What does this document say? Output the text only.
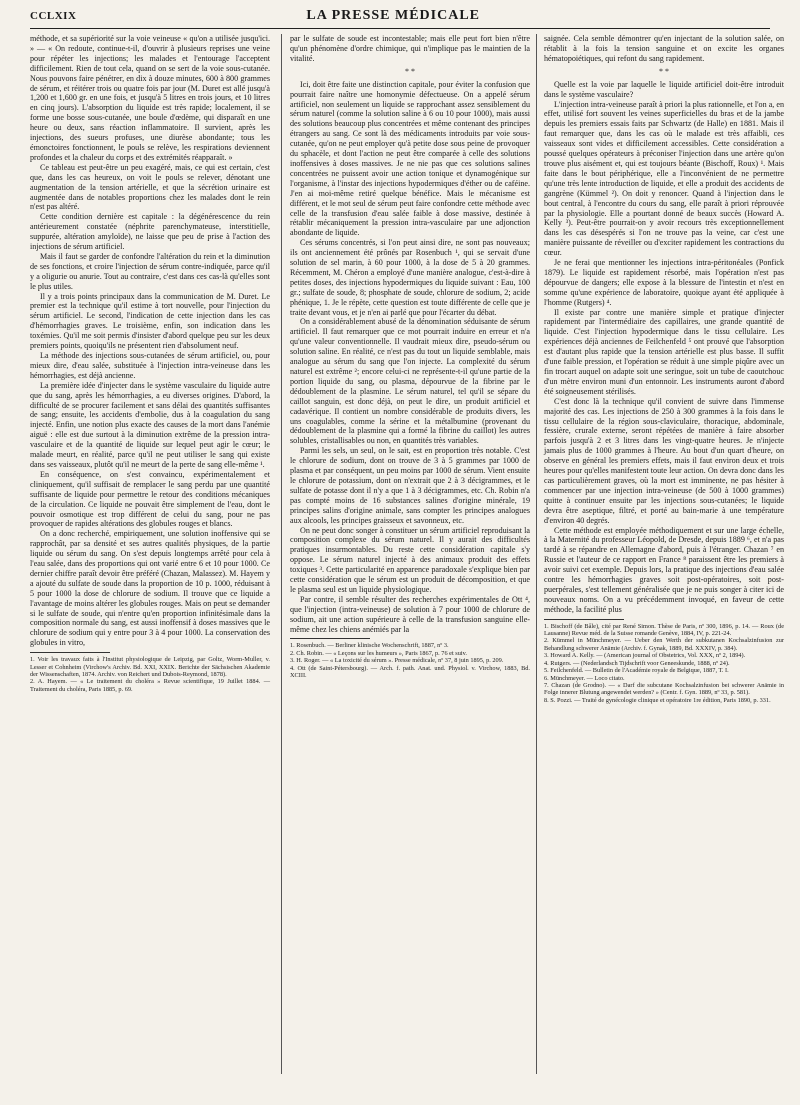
CCLXIX	LA PRESSE MÉDICALE

méthode, et sa supériorité sur la voie veineuse « qu'on a utilisée jusqu'ici. » — « On redoute, continue-t-il, d'ouvrir à plusieurs reprises une veine pour répéter les injections; les malades et l'entourage l'acceptent difficilement. Rien de tout cela, quand on se sert de la voie sous-cutanée. Nous pouvons faire pénétrer, en dix à douze minutes, 600 à 800 grammes de sérum, et réitérer trois ou quatre fois par jour (M. Duret est allé jusqu'à 1,200 et 1,600 gr. en une fois, et jusqu'à 5 litres en trois jours, et 10 litres en cinq jours). L'absorption du liquide est très rapide; localement, il se forme une bosse sous-cutanée, une boule d'œdème, qui disparaît en une heure ou deux, sans réaction inflammatoire. Il survient, après les injections, des sueurs profuses, une diurèse abondante; tous les émonctoires fonctionnent, le pouls se relève, les respirations deviennent profondes et la chaleur du corps et des extrémités réapparaît. »

Ce tableau est peut-être un peu exagéré, mais, ce qui est certain, c'est que, dans les cas heureux, on voit le pouls se relever, dénotant une augmentation de la tension artérielle, et que la sécrétion urinaire est augmentée dans de notables proportions chez les malades dont le rein n'est pas altéré.

Cette condition dernière est capitale : la dégénérescence du rein antérieurement constatée (néphrite parenchymateuse, interstitielle, suppurée, altération amyloïde), ne laisse que peu de prise à l'action des injections de sérum artificiel.

Mais il faut se garder de confondre l'altération du rein et la diminution de ses fonctions, et croire l'injection de sérum contre-indiquée, parce qu'il y a oligurie ou anurie. Tout au contraire, c'est dans ces cas-là qu'elles sont le plus utiles.

Il y a trois points principaux dans la communication de M. Duret. Le premier est la technique qu'il estime à tort nouvelle, pour l'injection du sérum artificiel. Le second, l'indication de cette injection dans les cas d'hémorrhagies graves. Le troisième, enfin, son indication dans les toxémies. Qu'il me soit permis d'insister d'abord quelque peu sur les deux premiers points, quoiqu'ils ne présentent rien d'absolument neuf.

La méthode des injections sous-cutanées de sérum artificiel, ou, pour mieux dire, d'eau salée, substituée à l'injection intra-veineuse dans les hémorrhagies, est déjà ancienne.

La première idée d'injecter dans le système vasculaire du liquide autre que du sang, après les hémorrhagies, a eu diverses origines. D'abord, la difficulté de se procurer facilement et sans délai des quantités suffisantes de sang; ensuite, les accidents d'embolie, dus à la coagulation du sang injecté. Enfin, une notion plus exacte des causes de la mort dans l'anémie aiguë : elle est due surtout à la diminution extrême de la pression intra-vasculaire et de la quantité de liquide sur lequel peut agir le cœur; le malade meurt, en réalité, parce qu'il ne peut utiliser le sang qui existe dans ses vaisseaux, plutôt qu'il ne meurt de la perte de sang elle-même ¹.

En conséquence, on s'est convaincu, expérimentalement et cliniquement, qu'il suffisait de remplacer le sang perdu par une quantité suffisante de liquide pour permettre le retour des conditions mécaniques de la circulation. Ce liquide ne pouvait être simplement de l'eau, dont le pouvoir osmotique est trop différent de celui du sang, pour ne pas provoquer de rapides altérations des globules rouges et blancs.

On a donc recherché, empiriquement, une solution inoffensive qui se rapprochât, par sa densité et ses autres qualités physiques, de la partie liquide ou sérum du sang. On s'est depuis longtemps arrêté pour cela à l'eau salée, dans des proportions qui ont varié entre 6 et 10 pour 1000. Ce dernier chiffre paraît devoir être préféré (Chazan, Malassez). M. Hayem y a ajouté du sulfate de soude dans la proportion de 10 p. 1000, réduisant à 5 pour 1000 la dose de chlorure de sodium. Il trouve que ce liquide a l'avantage de moins altérer les globules rouges. Mais on peut se demander si le sulfate de soude, qui n'entre qu'en proportion infinitésimale dans la composition normale du sang, est aussi inoffensif à doses massives que le chlorure de sodium qui y entre pour 3 à 4 pour 1000. La conservation des globules in vitro,

1. Voir les travaux faits à l'Institut physiologique de Leipzig, par Goltz, Worm-Muller, v. Lesser et Cohnheim (Virchow's Archiv. Bd. XXI, XXIX. Berichte der Sächsischen Akademie der Wissenschaften, 1874. Archiv. von Reichert und Dubois-Reymond, 1878).

2. A. Hayem. — « Le traitement du choléra » Revue scientifique, 19 Juillet 1884. — Traitement du choléra, Paris 1885, p. 69.

par le sulfate de soude est incontestable; mais elle peut fort bien n'être qu'un phénomène d'ordre chimique, qui n'implique pas le maintien de la vitalité.

* *

Ici, doit être faite une distinction capitale, pour éviter la confusion que pourrait faire naître une homonymie défectueuse. On a appelé sérum artificiel, non seulement un liquide se rapprochant assez sensiblement du sérum naturel (comme la solution saline à 6 ou 10 pour 1000), mais aussi des solutions beaucoup plus concentrées et même contenant des principes étrangers au sang. Ce sont là des médicaments introduits par voie sous-cutanée, qu'on ne peut employer qu'à petite dose sous peine de provoquer du sphacèle, et dont l'action ne peut être comparée à celle des solutions inoffensives à doses massives. Je ne nie pas que ces solutions salines concentrées ne puissent avoir une action tonique et dynamogénique sur l'organisme, à l'instar des injections hypodermiques d'éther ou de caféine. J'en ai moi-même retiré quelque bénéfice. Mais le mécanisme est différent, et le mot seul de sérum peut faire confondre cette méthode avec celle de la transfusion d'eau salée faible à dose massive, destinée à rétablir mécaniquement la pression intra-vasculaire par une adjonction abondante de liquide.

Ces sérums concentrés, si l'on peut ainsi dire, ne sont pas nouveaux; ils ont anciennement été prônés par Rosenbuch ¹, qui se servait d'une solution de sel marin, à 60 pour 1000, à la dose de 5 à 20 grammes. Récemment, M. Chéron a employé d'une manière analogue, c'est-à-dire à petites doses, des injections hypodermiques du liquide suivant : Eau, 100 gr.; sulfate de soude, 8; phosphate de soude, chlorure de sodium, 2; acide phénique, 1. Je le répète, cette question est toute différente de celle que je traite devant vous, et je n'en ai parlé que pour l'écarter du débat.

On a considérablement abusé de la dénomination séduisante de sérum artificiel. Il faut remarquer que ce mot pourrait induire en erreur et n'a qu'une valeur conventionnelle. Il vaudrait mieux dire, pseudo-sérum ou solution saline. En réalité, ce n'est pas du tout un liquide semblable, mais analogue au sérum du sang que l'on injecte. La complexité du sérum naturel est extrême ²; encore celui-ci ne représente-t-il qu'une partie de la portion liquide du sang, ou plasma, dépourvue de la fibrine par le dédoublement de la plasmine. Le sérum naturel, tel qu'il se sépare du caillot sanguin, est donc déjà, on peut le dire, un produit artificiel et cadavérique. Il contient un nombre considérable de produits divers, les uns coagulables, comme la sérine et la métalbumine (provenant du dédoublement de la plasmine qui a formé la fibrine du caillot) les autres solubles, cristallisables ou non, en quantités très variables.

Parmi les sels, un seul, on le sait, est en proportion très notable. C'est le chlorure de sodium, dont on trouve de 3 à 5 grammes par 1000 de plasma et par conséquent, un peu moins par 1000 de sérum. Vient ensuite le chlorure de potassium, dont on n'extrait que 2 à 3 décigrammes, et le sulfate de potasse dont il n'y a que 1 à 3 décigrammes, etc. Ch. Robin n'a pas compté moins de 16 substances salines d'origine minérale, 19 principes salins d'origine animale, sans compter les principes analogues aux alcools, les principes graisseux et savonneux, etc.

On ne peut donc songer à constituer un sérum artificiel reproduisant la composition complexe du sérum naturel. Il y aurait des difficultés pratiques insurmontables. Du reste cette considération capitale s'y oppose. Le sérum naturel injecté à des animaux produit des effets toxiques ³. Cette particularité en apparence paradoxale s'explique bien par cette considération que le sérum est un produit de décomposition, et que le plasma seul est un liquide physiologique.

Par contre, il semble résulter des recherches expérimentales de Ott ⁴, que l'injection (intra-veineuse) de solution à 7 pour 1000 de chlorure de sodium, ait une action supérieure à celle de la transfusion sanguine elle-même chez les chiens anémiés par la

1. Rosenbuch. — Berliner klinische Wochenschrift, 1887, nº 3.

2. Ch. Robin. — « Leçons sur les humeurs », Paris 1867, p. 76 et suiv.

3. H. Roger. — « La toxicité du sérum ». Presse médicale, nº 37, 8 juin 1895, p. 209.

4. Ott (de Saint-Pétersbourg). — Arch. f. path. Anat. und. Physiol. v. Virchow, 1883, Bd. XCIII.

saignée. Cela semble démontrer qu'en injectant de la solution salée, on rétablit à la fois la tension sanguine et on excite les organes hématopoiétiques, qui refont du sang rapidement.

* *

Quelle est la voie par laquelle le liquide artificiel doit-être introduit dans le système vasculaire?

L'injection intra-veineuse paraît à priori la plus rationnelle, et l'on a, en effet, utilisé fort souvent les veines superficielles du bras et de la jambe depuis les premiers essais faits par Schwartz (de Halle) en 1881. Mais il faut remarquer que, dans les cas où le malade est très affaibli, ces vaisseaux sont vides et difficilement accessibles. Cette considération a poussé quelques opérateurs à préconiser l'injection dans une artère qu'on trouve plus aisément et, qui est toujours béante (Bischoff, Roux) ¹. Mais faite dans le bout périphérique, elle a l'inconvénient de ne permettre qu'une très lente introduction de liquide, et elle a produit des accidents de gangrène (Kümmel ²). On doit y renoncer. Quand à l'injection dans le bout central, à l'encontre du cours du sang, elle paraît à priori réprouvée par la physiologie. Elle a pourtant donné de beaux succès (Howard A. Kelly ³). Peut-être pourrait-on y avoir recours très exceptionnellement dans les cas désespérés si l'on ne trouve pas la veine, car c'est une manière puissante de réveiller ou d'exciter rapidement les contractions du cœur.

Je ne ferai que mentionner les injections intra-péritonéales (Ponfick 1879). Le liquide est rapidement résorbé, mais l'opération n'est pas dépourvue de dangers; elle expose à la blessure de l'intestin et n'est en somme qu'une expérience de laboratoire, quoique ayant été appliquée à l'homme (Rutgers) ⁴.

Il existe par contre une manière simple et pratique d'injecter rapidement par l'intermédiaire des capillaires, une grande quantité de liquide. C'est l'injection hypodermique dans le tissu cellulaire. Les expériences déjà anciennes de Feilchenfeld ⁵ ont prouvé que l'absorption est d'autant plus rapide que la tension artérielle est plus basse. Il suffit d'une faible pression, et l'opération se réduit à une simple piqûre avec un fin trocart auquel on adapte soit une seringue, soit un tube de caoutchouc d'un mètre environ muni d'un entonnoir. Les instruments auront d'abord été soigneusement stérilisés.

C'est donc là la technique qu'il convient de suivre dans l'immense majorité des cas. Les injections de 250 à 300 grammes à la fois dans le tissu cellulaire de la région sous-claviculaire, thoracique, abdominale, fessière, crurale externe, seront répétées de manière à faire absorber parfois jusqu'à 2 et 3 litres dans les vingt-quatre heures. Je n'injecte jamais plus de 1000 grammes à l'heure. Au bout d'un quart d'heure, on observe en général les premiers effets, mais il faut environ deux et trois heures pour qu'elles manifestent toute leur action. On devra donc dans les cas particulièrement graves, où la mort est imminente, ne pas hésiter à commencer par une injection intra-veineuse (de 500 à 1000 grammes) quitte à continuer ensuite par les injections sous-cutanées; le liquide devra être aseptique, filtré, et porté au bain-marie à une température d'environ 40 degrés.

Cette méthode est employée méthodiquement et sur une large échelle, à la Maternité du professeur Léopold, de Dresde, depuis 1889 ⁶, et n'a pas tardé à se répandre en Allemagne d'abord, puis à l'étranger. Chazan ⁷ en Russie et l'auteur de ce rapport en France ⁸ paraissent être les premiers à avoir suivi cet exemple. Depuis lors, la pratique des injections d'eau salée contre les hémorrhagies graves soit post-opératoires, soit post-puerpérales, s'est tellement généralisée que je ne puis songer à citer ici de nouveaux noms. On a vu précédemment invoqué, en faveur de cette méthode, la facilité plus

1. Bischoff (de Bâle), cité par René Simon. Thèse de Paris, nº 300, 1896, p. 14. — Roux (de Lausanne) Revue méd. de la Suisse romande Genève, 1884, IV, p. 221-24.

2. Kümmel in Münchmeyer. — Ueber den Werth der subkutanen Kochsalzinfusion zur Behandlung schwerer Anämie (Archiv. f. Gynak, 1889, Bd. XXXIV, p. 384).

3. Howard A. Kelly. — (American journal of Obstetrics, Vol. XXX, nº 2, 1894).

4. Rutgers. — (Nederlandsch Tijdschrift voor Geneeskunde, 1888, nº 24).

5. Feilchenfeld. — Bulletin de l'Académie royale de Belgique, 1887, T. I.

6. Münchmeyer. — Loco citato.

7. Chazan (de Grodno). — « Darf die subcutane Kochsalzinfusion bei schwerer Anämie in Folge innerer Blutung angewendet werden? » (Centr. f. Gyn. 1889, nº 33, p. 581).

8. S. Pozzi. — Traité de gynécologie clinique et opératoire 1re édition, Paris 1890, p. 331.
